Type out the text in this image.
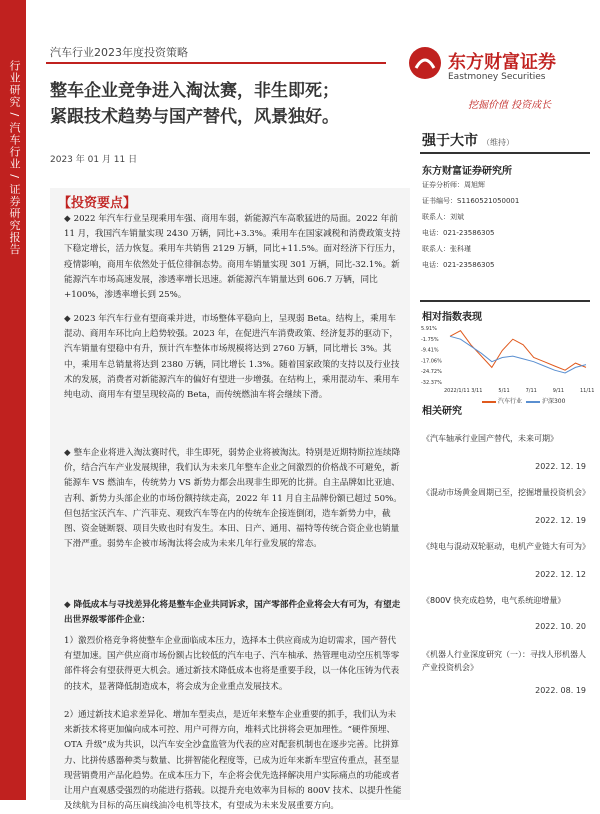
行业研究 / 汽车行业 / 证券研究报告
汽车行业2023年度投资策略	东方财富证券
Eastmoney Securities
挖掘价值 投资成长
整车企业竞争进入淘汰赛，非生即死；
紧跟技术趋势与国产替代，风景独好。
2023 年 01 月 11 日
【投资要点】
◆ 2022 年汽车行业呈现乘用车强、商用车弱，新能源汽车高歌猛进的局面。2022 年前 11 月，我国汽车销量实现 2430 万辆，同比+3.3%。乘用车在国家减税和消费政策支持下稳定增长，活力恢复。乘用车共销售 2129 万辆，同比+11.5%。面对经济下行压力，疫情影响，商用车依然处于低位徘徊态势。商用车销量实现 301 万辆，同比-32.1%。新能源汽车市场高速发展，渗透率增长迅速。新能源汽车销量达到 606.7 万辆，同比+100%，渗透率增长到 25%。
◆ 2023 年汽车行业有望商乘并进，市场整体平稳向上，呈现弱 Beta。结构上，乘用车混动、商用车环比向上趋势较强。2023 年，在促进汽车消费政策、经济复苏的驱动下，汽车销量有望稳中有升，预计汽车整体市场规模将达到 2760 万辆，同比增长 3%。其中，乘用车总销量将达到 2380 万辆，同比增长 1.3%。随着国家政策的支持以及行业技术的发展，消费者对新能源汽车的偏好有望进一步增强。在结构上，乘用混动车、乘用车纯电动、商用车有望呈现较高的 Beta，而传统燃油车将会继续下滑。
◆ 整车企业将进入淘汰赛时代，非生即死，弱势企业将被淘汰。特别是近期特斯拉连续降价，结合汽车产业发展规律，我们认为未来几年整车企业之间激烈的价格战不可避免，新能源车 VS 燃油车，传统势力 VS 新势力都会出现非生即死的比拼。自主品牌如比亚迪、吉利、新势力头部企业的市场份额持续走高，2022 年 11 月自主品牌份额已超过 50%。但包括宝沃汽车、广汽菲克、观致汽车等在内的传统车企接连倒闭，造车新势力中，截图、资金链断裂、项目失败也时有发生。本田、日产、通用、福特等传统合资企业也销量下滑严重。弱势车企被市场淘汰将会成为未来几年行业发展的常态。
◆ 降低成本与寻找差异化将是整车企业共同诉求，国产零部件企业将会大有可为，有望走出世界级零部件企业：
1）激烈价格竞争将使整车企业面临成本压力，选择本土供应商成为迫切需求，国产替代有望加速。国产供应商市场份额占比较低的汽车电子、汽车柚承、热管理电动空压机等零部件将会有望获得更大机会。通过新技术降低成本也将是重要手段，以一体化压铸为代表的技术，显著降低制造成本，将会成为企业重点发展技术。
2）通过新技术追求差异化、增加车型卖点，是近年来整车企业重要的抓手，我们认为未来新技术将更加偏向成本可控、用户可得方向，堆料式比拼将会更加理性。“硬件预埋、OTA 升级”成为共识，以汽车安全沙盒监管为代表的应对配套机制也在逐步完善。比拼算力、比拼传感器种类与数量、比拼智能化程度等，已成为近年来新车型宣传重点，甚至显现营销费用产品化趋势。在成本压力下，车企将会优先选择解决用户实际痛点的功能或者让用户直观感受强烈的功能进行搭载。以提升充电效率为目标的 800V 技术、以提升性能及续航为目标的高压扁线油冷电机等技术，有望成为未来发展重要方向。
强于大市 （维持）
东方财富证券研究所
证券分析师：周旭辉
证书编号：S1160521050001
联系人：刘斌
电话：021-23586305
联系人：张科瑾
电话：021-23586305
相对指数表现
5.91%
-1.75%
-9.41%
-17.06%
-24.72%
-32.37%
2022/1/11 3/11	5/11	7/11	9/11	11/11
汽车行业	沪深300
相关研究
《汽车轴承行业国产替代，未来可期》
2022. 12. 19
《混动市场黄金周期已至，挖掘增量投资机会》
2022. 12. 19
《纯电与混动双轮驱动，电机产业链大有可为》
2022. 12. 12
《800V 快充成趋势，电气系统迎增量》
2022. 10. 20
《机器人行业深度研究（一）：寻找人形机器人产业投资机会》
2022. 08. 19
